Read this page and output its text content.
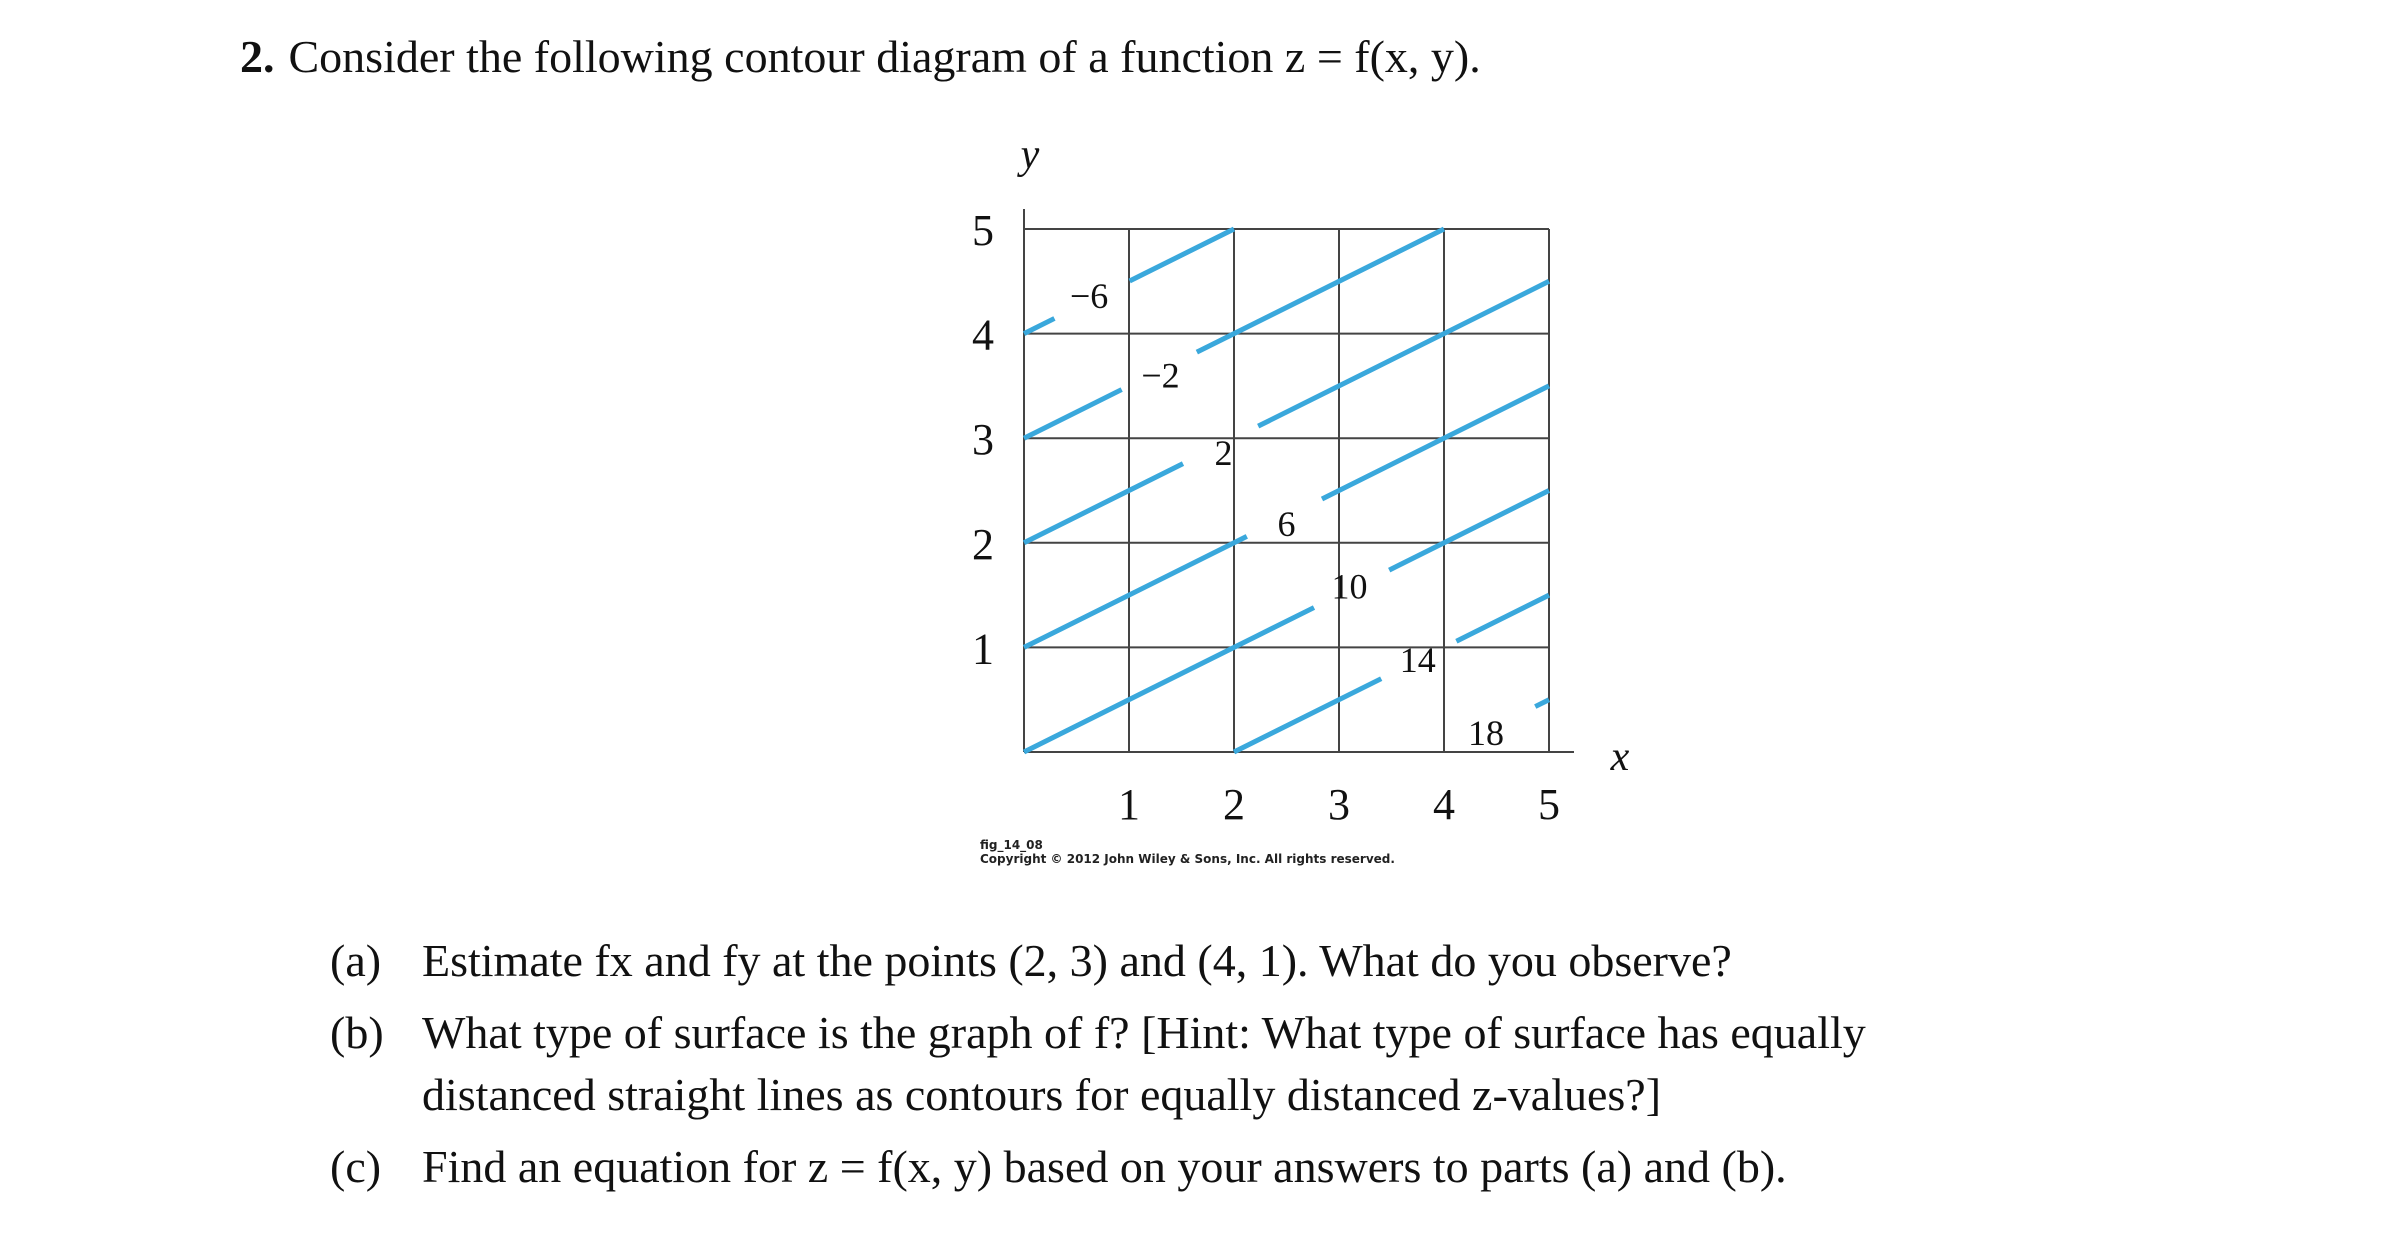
2. Consider the following contour diagram of a function z = f(x, y).
y
x
1 2 3 4 5
1
2
3
4
5
−6
−2
2
6
10
14
18
fig_14_08
Copyright © 2012 John Wiley & Sons, Inc. All rights reserved.
(a) Estimate fx and fy at the points (2, 3) and (4, 1). What do you observe?
(b) What type of surface is the graph of f? [Hint: What type of surface has equally
distanced straight lines as contours for equally distanced z-values?]
(c) Find an equation for z = f(x, y) based on your answers to parts (a) and (b).
